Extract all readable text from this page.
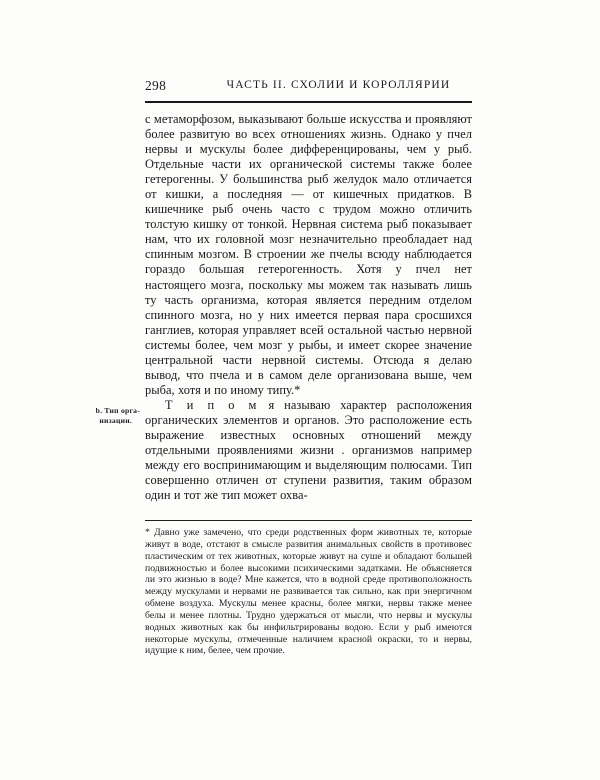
298	ЧАСТЬ II. СХОЛИИ И КОРОЛЛЯРИИ
b. Тип орга-
низации.

с метаморфозом, выказывают больше искусства и проявляют более развитую во всех отношениях жизнь. Однако у пчел нервы и мускулы более дифференцированы, чем у рыб. Отдельные части их органической системы также более гетерогенны. У большинства рыб желудок мало отличается от кишки, а последняя — от кишечных придатков. В кишечнике рыб очень часто с трудом можно отличить толстую кишку от тонкой. Нервная система рыб показывает нам, что их головной мозг незначительно преобладает над спинным мозгом. В строении же пчелы всюду наблюдается гораздо большая гетерогенность. Хотя у пчел нет настоящего мозга, поскольку мы можем так называть лишь ту часть организма, которая является передним отделом спинного мозга, но у них имеется первая пара сросшихся ганглиев, которая управляет всей остальной частью нервной системы более, чем мозг у рыбы, и имеет скорее значение центральной части нервной системы. Отсюда я делаю вывод, что пчела и в самом деле организована выше, чем рыба, хотя и по иному типу.*

Т и п о м я называю характер расположения органических элементов и органов. Это расположение есть выражение известных основных отношений между отдельными проявлениями жизни . организмов например между его воспринимающим и выделяющим полюсами. Тип совершенно отличен от ступени развития, таким образом один и тот же тип может охва-

* Давно уже замечено, что среди родственных форм животных те, которые живут в воде, отстают в смысле развития анимальных свойств в противовес пластическим от тех животных, которые живут на суше и обладают большей подвижностью и более высокими психическими задатками. Не объясняется ли это жизнью в воде? Мне кажется, что в водной среде противоположность между мускулами и нервами не развивается так сильно, как при энергичном обмене воздуха. Мускулы менее красны, более мягки, нервы также менее белы и менее плотны. Трудно удержаться от мысли, что нервы и мускулы водных животных как бы инфильтрированы водою. Если у рыб имеются некоторые мускулы, отмеченные наличием красной окраски, то и нервы, идущие к ним, белее, чем прочие.
